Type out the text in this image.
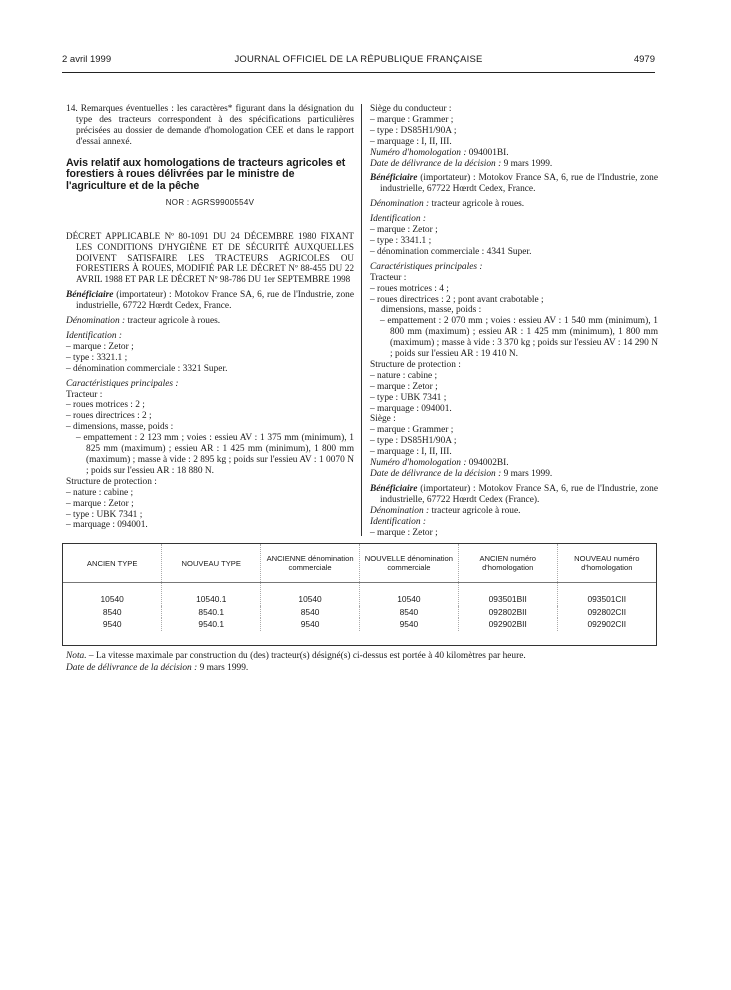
2 avril 1999	JOURNAL OFFICIEL DE LA RÉPUBLIQUE FRANÇAISE	4979

14. Remarques éventuelles : les caractères* figurant dans la désignation du type des tracteurs correspondent à des spécifications particulières précisées au dossier de demande d'homologation CEE et dans le rapport d'essai annexé.

Avis relatif aux homologations de tracteurs agricoles et forestiers à roues délivrées par le ministre de l'agriculture et de la pêche

NOR : AGRS9900554V

DÉCRET APPLICABLE Nº 80-1091 DU 24 DÉCEMBRE 1980 FIXANT LES CONDITIONS D'HYGIÈNE ET DE SÉCURITÉ AUXQUELLES DOIVENT SATISFAIRE LES TRACTEURS AGRICOLES OU FORESTIERS À ROUES, MODIFIÉ PAR LE DÉCRET Nº 88-455 DU 22 AVRIL 1988 ET PAR LE DÉCRET Nº 98-786 DU 1er SEPTEMBRE 1998

Bénéficiaire (importateur) : Motokov France SA, 6, rue de l'Industrie, zone industrielle, 67722 Hœrdt Cedex, France.

Dénomination : tracteur agricole à roues.

Identification :

– marque : Zetor ;

– type : 3321.1 ;

– dénomination commerciale : 3321 Super.

Caractéristiques principales :

Tracteur :

– roues motrices : 2 ;

– roues directrices : 2 ;

– dimensions, masse, poids :

– empattement : 2 123 mm ; voies : essieu AV : 1 375 mm (minimum), 1 825 mm (maximum) ; essieu AR : 1 425 mm (minimum), 1 800 mm (maximum) ; masse à vide : 2 895 kg ; poids sur l'essieu AV : 1 0070 N ; poids sur l'essieu AR : 18 880 N.

Structure de protection :

– nature : cabine ;

– marque : Zetor ;

– type : UBK 7341 ;

– marquage : 094001.

Siège du conducteur :

– marque : Grammer ;

– type : DS85H1/90A ;

– marquage : I, II, III.

Numéro d'homologation : 094001BI.

Date de délivrance de la décision : 9 mars 1999.

Bénéficiaire (importateur) : Motokov France SA, 6, rue de l'Industrie, zone industrielle, 67722 Hœrdt Cedex, France.

Dénomination : tracteur agricole à roues.

Identification :

– marque : Zetor ;

– type : 3341.1 ;

– dénomination commerciale : 4341 Super.

Caractéristiques principales :

Tracteur :

– roues motrices : 4 ;

– roues directrices : 2 ; pont avant crabotable ;

dimensions, masse, poids :

– empattement : 2 070 mm ; voies : essieu AV : 1 540 mm (minimum), 1 800 mm (maximum) ; essieu AR : 1 425 mm (minimum), 1 800 mm (maximum) ; masse à vide : 3 370 kg ; poids sur l'essieu AV : 14 290 N ; poids sur l'essieu AR : 19 410 N.

Structure de protection :

– nature : cabine ;

– marque : Zetor ;

– type : UBK 7341 ;

– marquage : 094001.

Siège :

– marque : Grammer ;

– type : DS85H1/90A ;

– marquage : I, II, III.

Numéro d'homologation : 094002BI.

Date de délivrance de la décision : 9 mars 1999.

Bénéficiaire (importateur) : Motokov France SA, 6, rue de l'Industrie, zone industrielle, 67722 Hœrdt Cedex (France).

Dénomination : tracteur agricole à roue.

Identification :

– marque : Zetor ;

ANCIEN TYPE	NOUVEAU TYPE	ANCIENNE dénomination commerciale	NOUVELLE dénomination commerciale	ANCIEN numéro d'homologation	NOUVEAU numéro d'homologation
10540	10540.1	10540	10540	093501BII	093501CII
8540	8540.1	8540	8540	092802BII	092802CII
9540	9540.1	9540	9540	092902BII	092902CII

Nota. – La vitesse maximale par construction du (des) tracteur(s) désigné(s) ci-dessus est portée à 40 kilomètres par heure.

Date de délivrance de la décision : 9 mars 1999.
